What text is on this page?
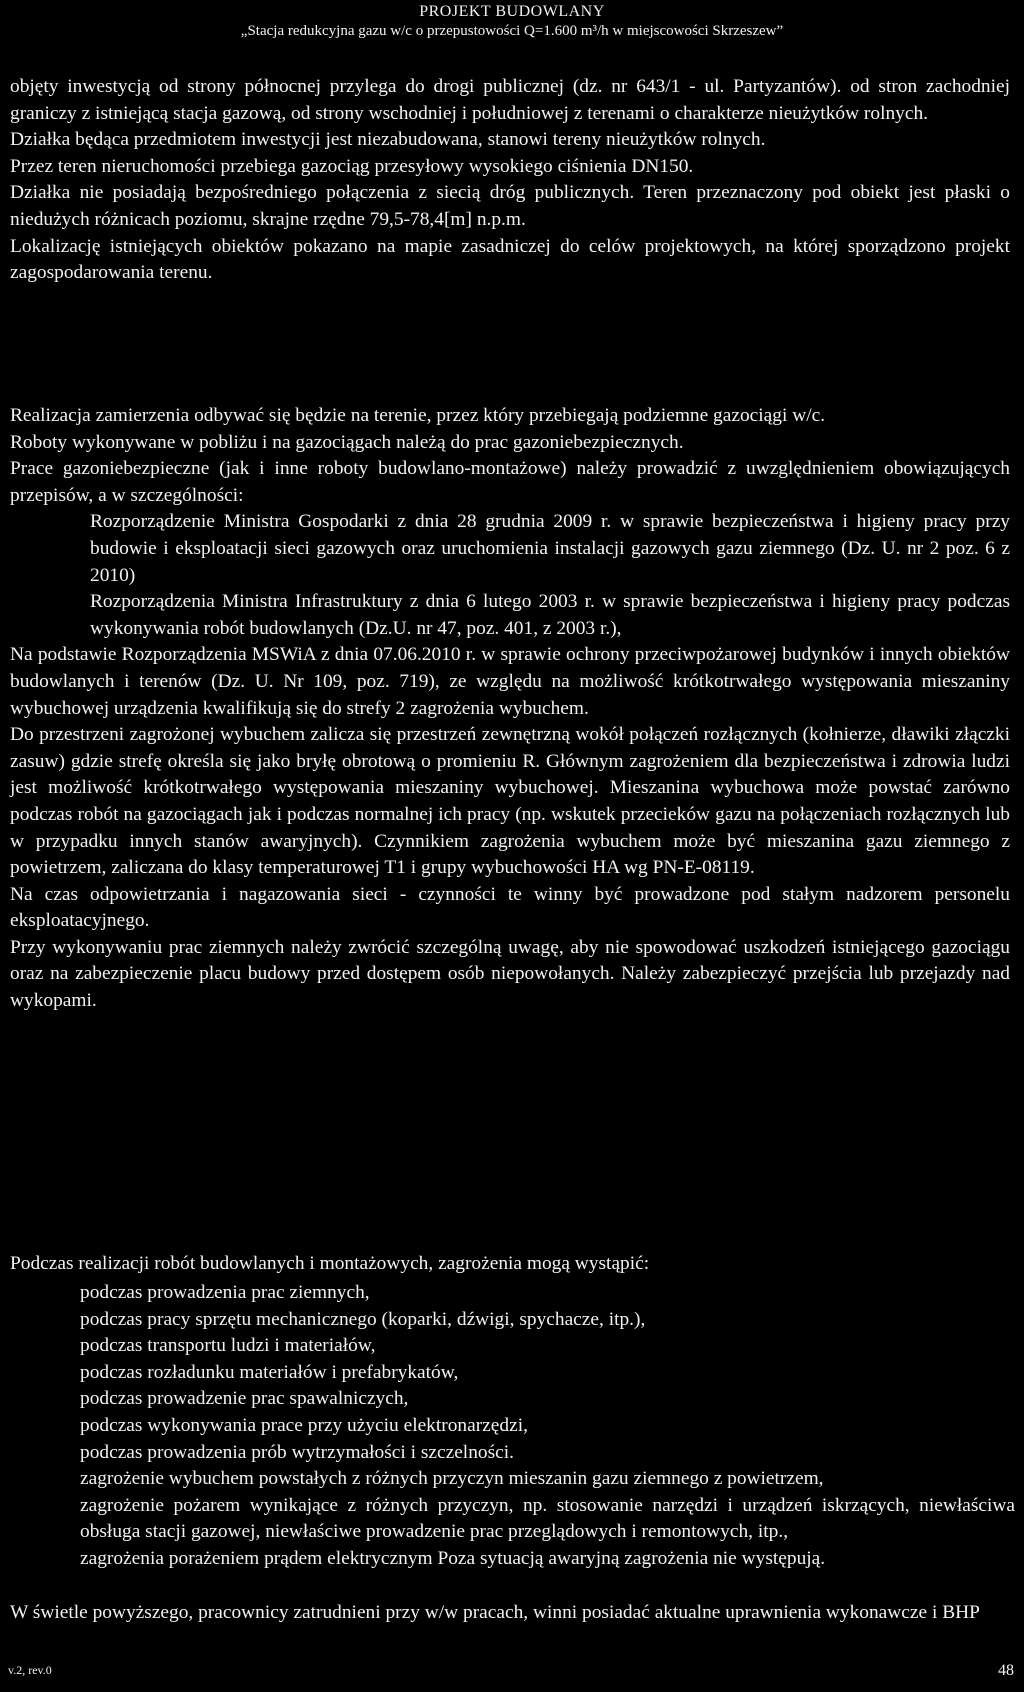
PROJEKT BUDOWLANY
„Stacja redukcyjna gazu w/c o przepustowości Q=1.600 m³/h w miejscowości Skrzeszew”

objęty inwestycją od strony północnej przylega do drogi publicznej (dz. nr 643/1 - ul. Partyzantów). od stron zachodniej graniczy z istniejącą stacja gazową, od strony wschodniej i południowej z terenami o charakterze nieużytków rolnych.

Działka będąca przedmiotem inwestycji jest niezabudowana, stanowi tereny nieużytków rolnych.

Przez teren nieruchomości przebiega gazociąg przesyłowy wysokiego ciśnienia DN150.

Działka nie posiadają bezpośredniego połączenia z siecią dróg publicznych. Teren przeznaczony pod obiekt jest płaski o niedużych różnicach poziomu, skrajne rzędne 79,5-78,4[m] n.p.m.

Lokalizację istniejących obiektów pokazano na mapie zasadniczej do celów projektowych, na której sporządzono projekt zagospodarowania terenu.

Realizacja zamierzenia odbywać się będzie na terenie, przez który przebiegają podziemne gazociągi w/c.

Roboty wykonywane w pobliżu i na gazociągach należą do prac gazoniebezpiecznych.

Prace gazoniebezpieczne (jak i inne roboty budowlano-montażowe) należy prowadzić z uwzględnieniem obowiązujących przepisów, a w szczególności:

Rozporządzenie Ministra Gospodarki z dnia 28 grudnia 2009 r. w sprawie bezpieczeństwa i higieny pracy przy budowie i eksploatacji sieci gazowych oraz uruchomienia instalacji gazowych gazu ziemnego (Dz. U. nr 2 poz. 6 z 2010)

Rozporządzenia Ministra Infrastruktury z dnia 6 lutego 2003 r. w sprawie bezpieczeństwa i higieny pracy podczas wykonywania robót budowlanych (Dz.U. nr 47, poz. 401, z 2003 r.),

Na podstawie Rozporządzenia MSWiA z dnia 07.06.2010 r. w sprawie ochrony przeciwpożarowej budynków i innych obiektów budowlanych i terenów (Dz. U. Nr 109, poz. 719), ze względu na możliwość krótkotrwałego występowania mieszaniny wybuchowej urządzenia kwalifikują się do strefy 2 zagrożenia wybuchem.

Do przestrzeni zagrożonej wybuchem zalicza się przestrzeń zewnętrzną wokół połączeń rozłącznych (kołnierze, dławiki złączki zasuw) gdzie strefę określa się jako bryłę obrotową o promieniu R. Głównym zagrożeniem dla bezpieczeństwa i zdrowia ludzi jest możliwość krótkotrwałego występowania mieszaniny wybuchowej. Mieszanina wybuchowa może powstać zarówno podczas robót na gazociągach jak i podczas normalnej ich pracy (np. wskutek przecieków gazu na połączeniach rozłącznych lub w przypadku innych stanów awaryjnych). Czynnikiem zagrożenia wybuchem może być mieszanina gazu ziemnego z powietrzem, zaliczana do klasy temperaturowej T1 i grupy wybuchowości HA wg PN-E-08119.

Na czas odpowietrzania i nagazowania sieci - czynności te winny być prowadzone pod stałym nadzorem personelu eksploatacyjnego.

Przy wykonywaniu prac ziemnych należy zwrócić szczególną uwagę, aby nie spowodować uszkodzeń istniejącego gazociągu oraz na zabezpieczenie placu budowy przed dostępem osób niepowołanych. Należy zabezpieczyć przejścia lub przejazdy nad wykopami.

Podczas realizacji robót budowlanych i montażowych, zagrożenia mogą wystąpić:

podczas prowadzenia prac ziemnych,
podczas pracy sprzętu mechanicznego (koparki, dźwigi, spychacze, itp.),
podczas transportu ludzi i materiałów,
podczas rozładunku materiałów i prefabrykatów,
podczas prowadzenie prac spawalniczych,
podczas wykonywania prace przy użyciu elektronarzędzi,
podczas prowadzenia prób wytrzymałości i szczelności.
zagrożenie wybuchem powstałych z różnych przyczyn mieszanin gazu ziemnego z powietrzem,
zagrożenie pożarem wynikające z różnych przyczyn, np. stosowanie narzędzi i urządzeń iskrzących, niewłaściwa obsługa stacji gazowej, niewłaściwe prowadzenie prac przeglądowych i remontowych, itp.,
zagrożenia porażeniem prądem elektrycznym Poza sytuacją awaryjną zagrożenia nie występują.

W świetle powyższego, pracownicy zatrudnieni przy w/w pracach, winni posiadać aktualne uprawnienia wykonawcze i BHP

v.2, rev.0	48
